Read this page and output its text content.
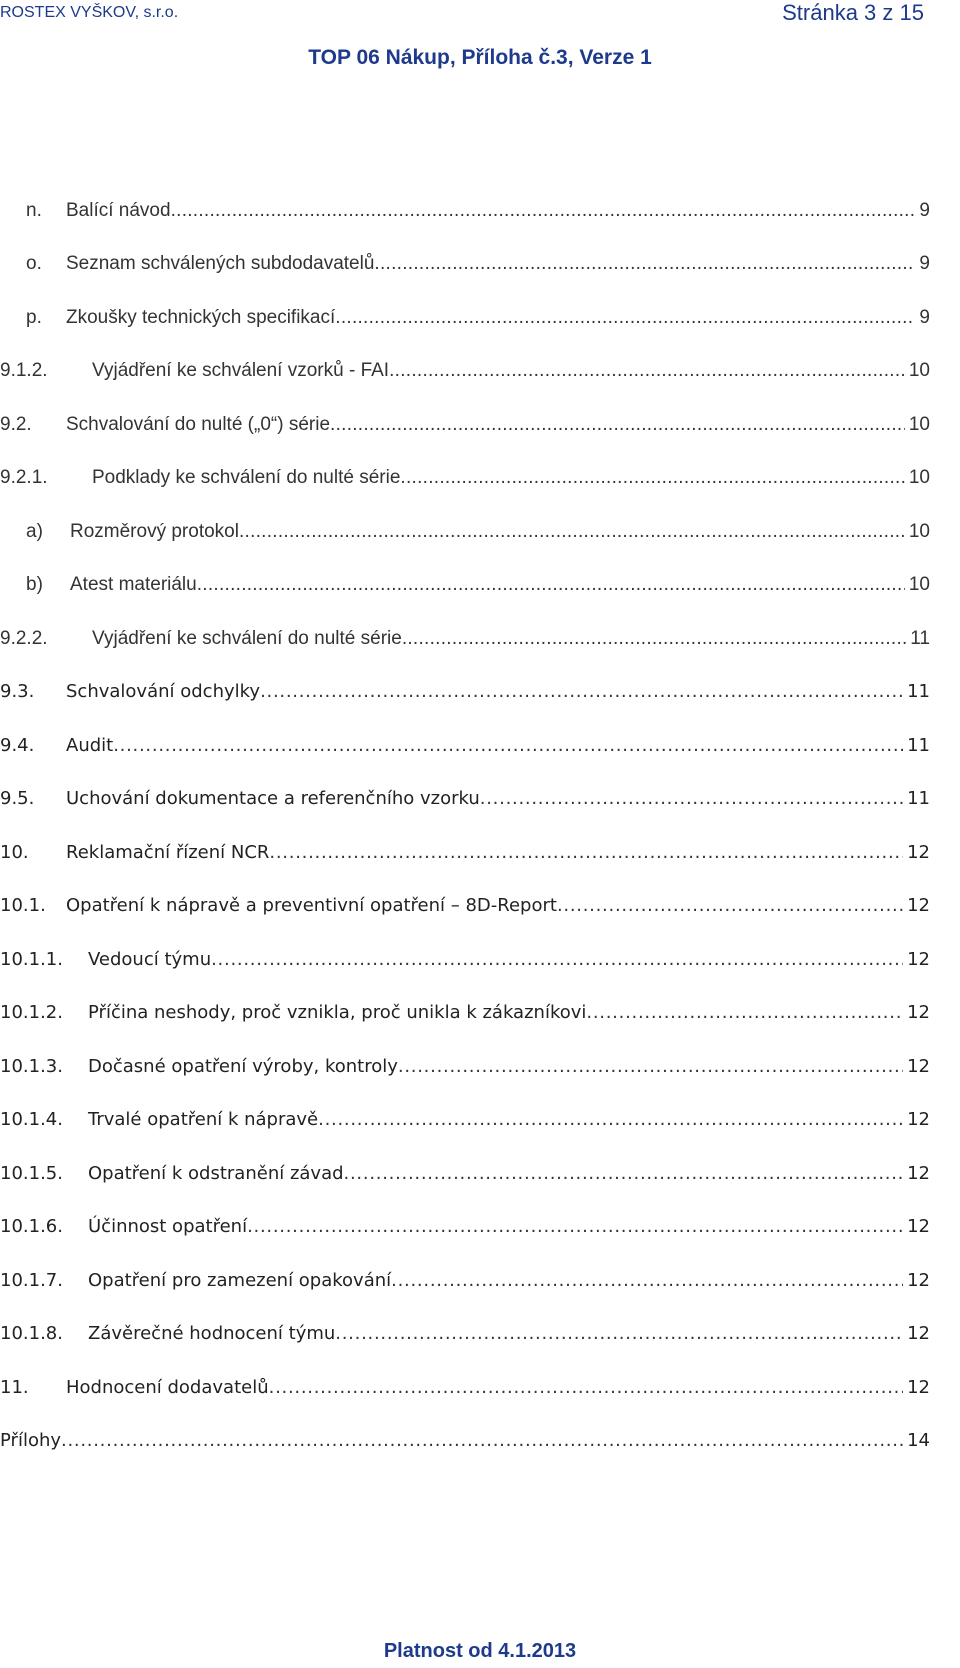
ROSTEX VYŠKOV, s.r.o.	Stránka 3 z 15
TOP 06 Nákup, Příloha č.3, Verze 1
n.	Balící návod . . .	9
o.	Seznam schválených subdodavatelů . . .	9
p.	Zkoušky technických specifikací . . .	9
9.1.2.	Vyjádření ke schválení vzorků - FAI . . .	10
9.2.	Schvalování do nulté („0“) série . . .	10
9.2.1.	Podklady ke schválení do nulté série . . .	10
a)	Rozměrový protokol . . .	10
b)	Atest materiálu . . .	10
9.2.2.	Vyjádření ke schválení do nulté série . . .	11
9.3.	Schvalování odchylky . . .	11
9.4.	Audit . . .	11
9.5.	Uchování dokumentace a referenčního vzorku . . .	11
10.	Reklamační řízení NCR . . .	12
10.1.	Opatření k nápravě a preventivní opatření – 8D-Report . . .	12
10.1.1.	Vedoucí týmu . . .	12
10.1.2.	Příčina neshody, proč vznikla, proč unikla k zákazníkovi . . .	12
10.1.3.	Dočasné opatření výroby, kontroly . . .	12
10.1.4.	Trvalé opatření k nápravě . . .	12
10.1.5.	Opatření k odstranění závad . . .	12
10.1.6.	Účinnost opatření . . .	12
10.1.7.	Opatření pro zamezení opakování . . .	12
10.1.8.	Závěrečné hodnocení týmu . . .	12
11.	Hodnocení dodavatelů . . .	12
Přílohy . . .	14
Platnost od 4.1.2013
